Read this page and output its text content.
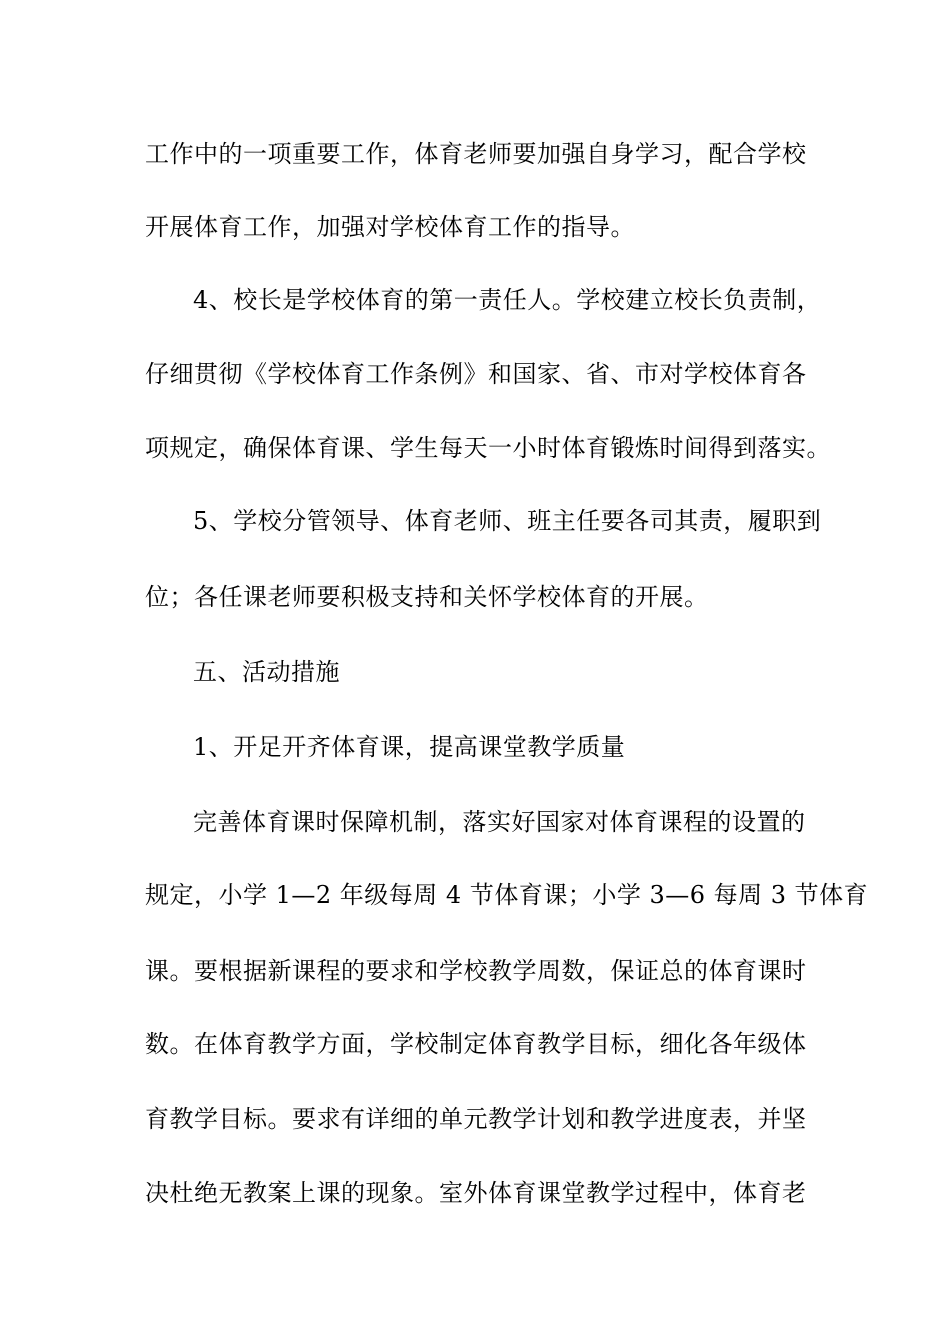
工作中的一项重要工作，体育老师要加强自身学习，配合学校
开展体育工作，加强对学校体育工作的指导。
4、校长是学校体育的第一责任人。学校建立校长负责制，
仔细贯彻《学校体育工作条例》和国家、省、市对学校体育各
项规定，确保体育课、学生每天一小时体育锻炼时间得到落实。
5、学校分管领导、体育老师、班主任要各司其责，履职到
位；各任课老师要积极支持和关怀学校体育的开展。
五、活动措施
1、开足开齐体育课，提高课堂教学质量
完善体育课时保障机制，落实好国家对体育课程的设置的
规定，小学 1—2 年级每周 4 节体育课；小学 3—6 每周 3 节体育
课。要根据新课程的要求和学校教学周数，保证总的体育课时
数。在体育教学方面，学校制定体育教学目标，细化各年级体
育教学目标。要求有详细的单元教学计划和教学进度表，并坚
决杜绝无教案上课的现象。室外体育课堂教学过程中，体育老
